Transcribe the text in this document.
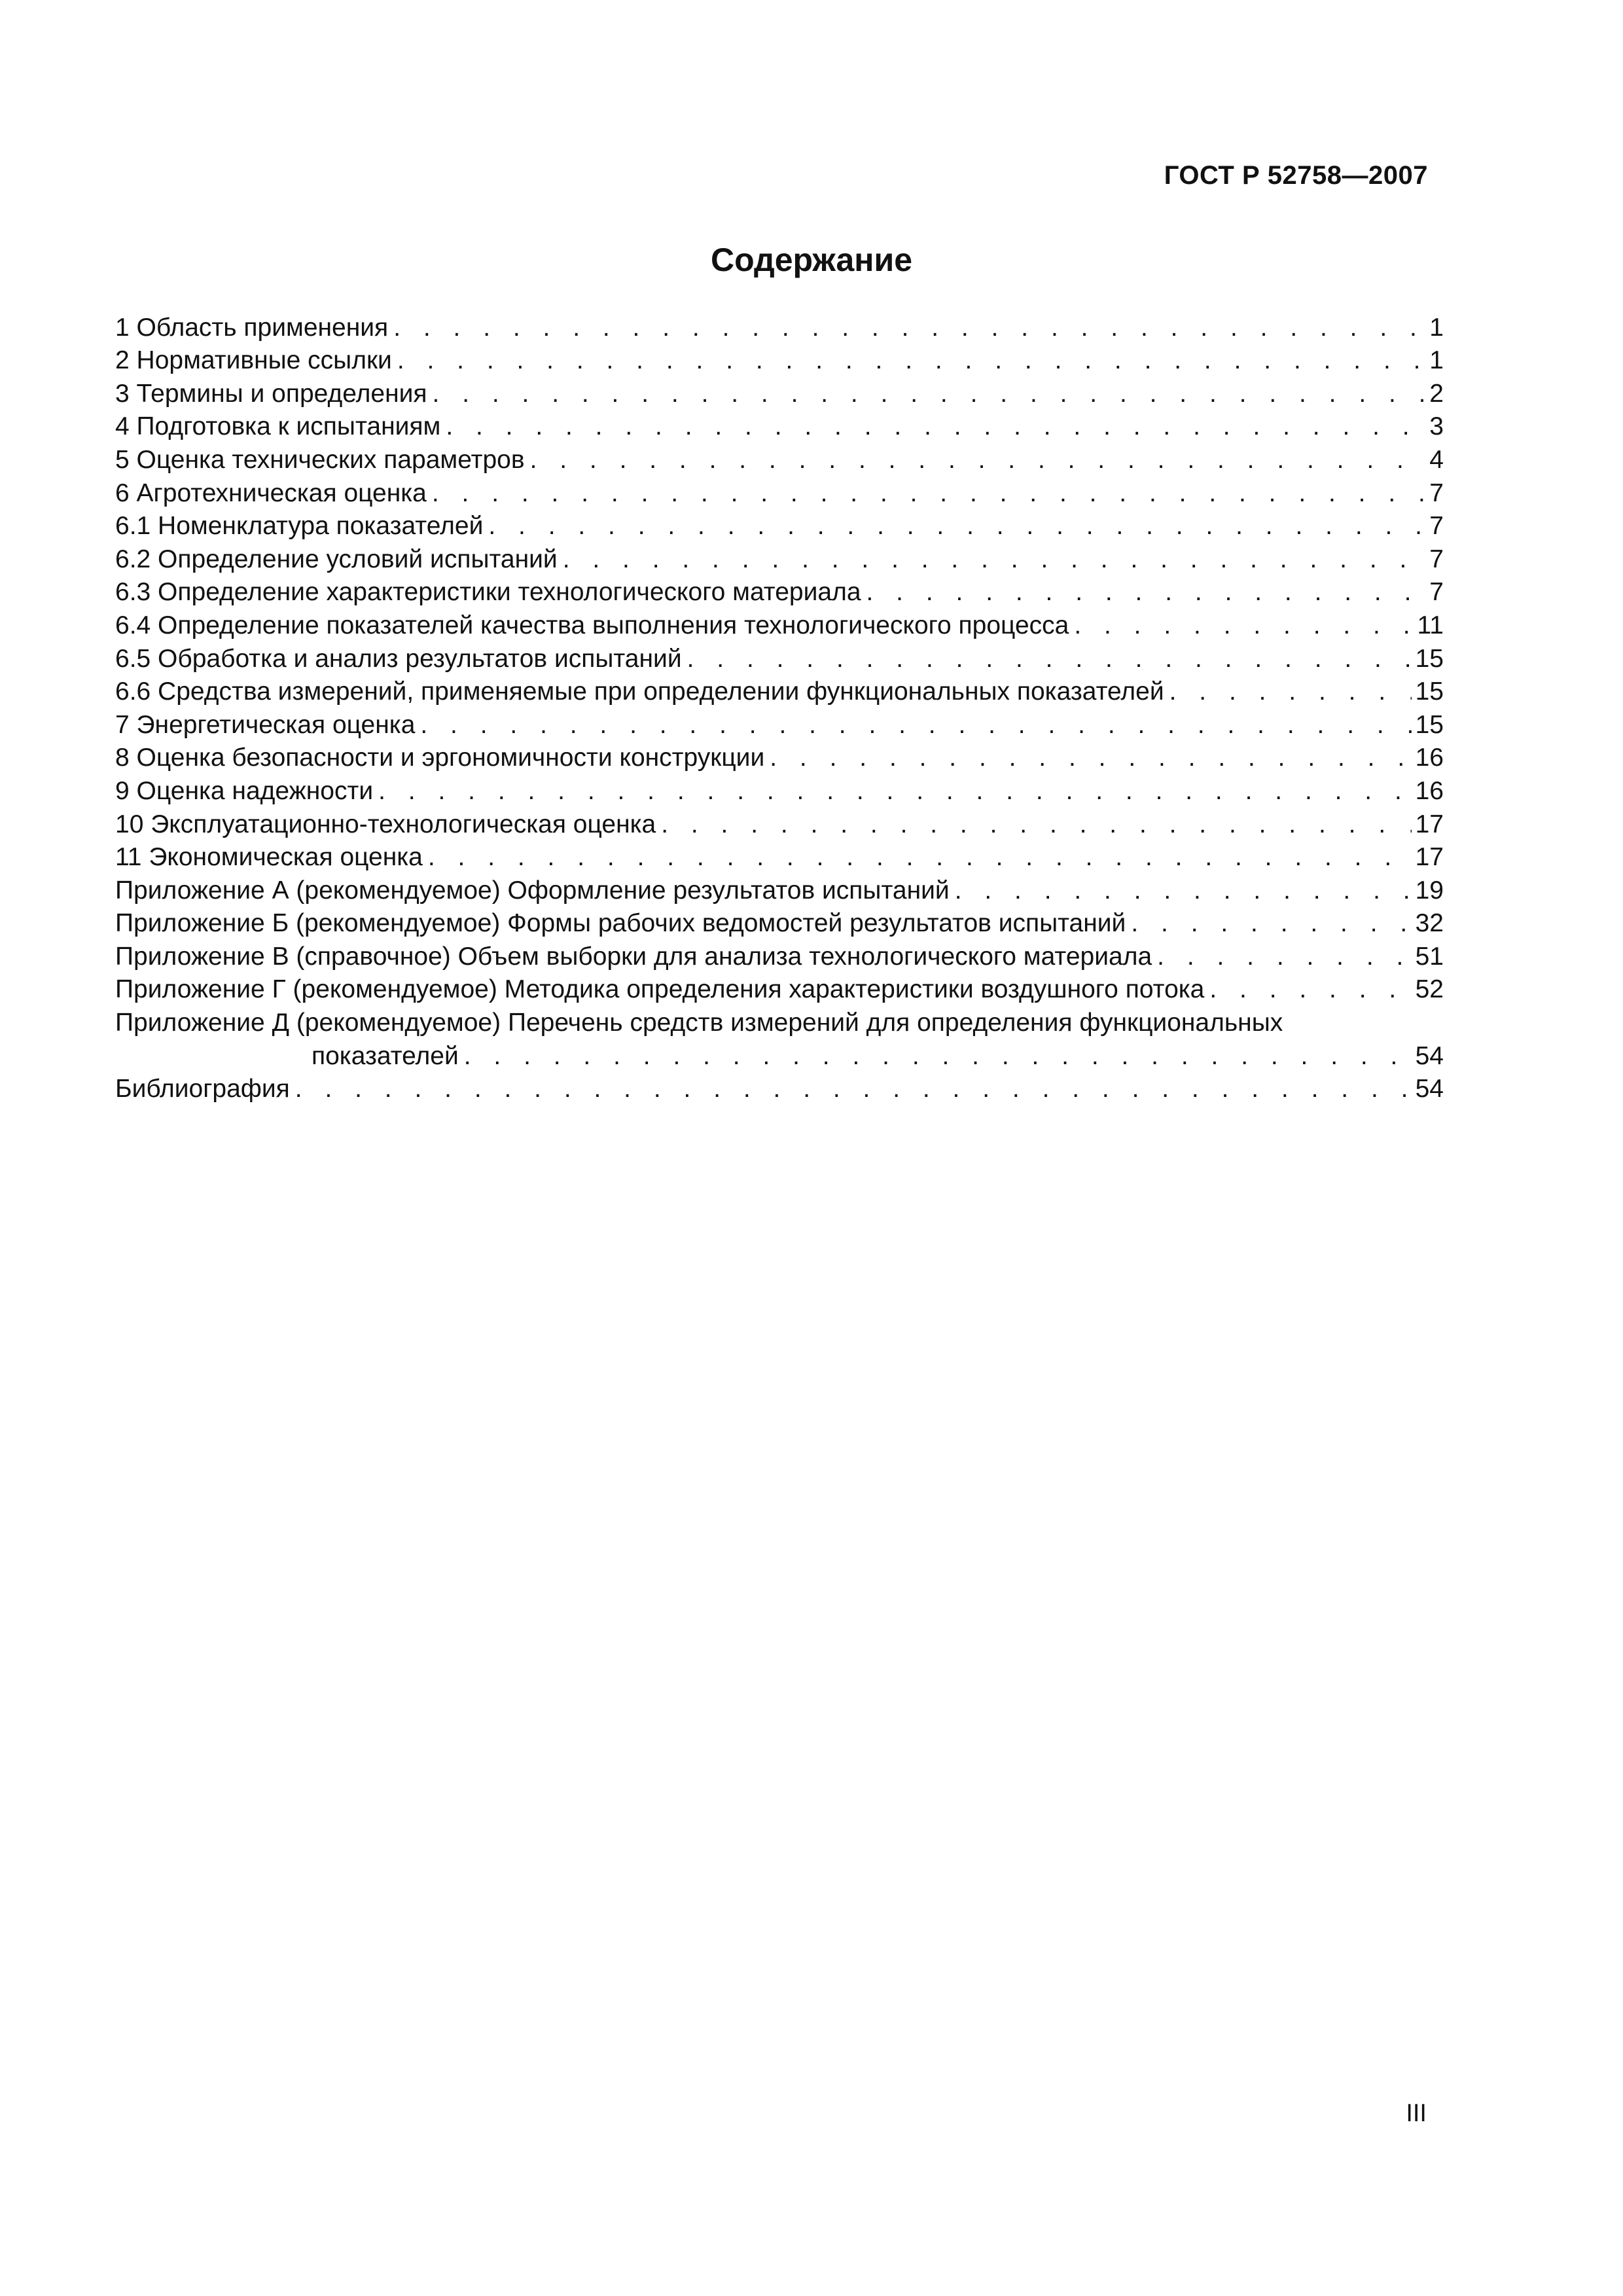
ГОСТ Р 52758—2007
Содержание
1 Область применения . . .	1
2 Нормативные ссылки . . .	1
3 Термины и определения . . .	2
4 Подготовка к испытаниям . . .	3
5 Оценка технических параметров . . .	4
6 Агротехническая оценка . . .	7
6.1 Номенклатура показателей . . .	7
6.2 Определение условий испытаний . . .	7
6.3 Определение характеристики технологического материала . . .	7
6.4 Определение показателей качества выполнения технологического процесса . . .	11
6.5 Обработка и анализ результатов испытаний . . .	15
6.6 Средства измерений, применяемые при определении функциональных показателей . . .	15
7 Энергетическая оценка . . .	15
8 Оценка безопасности и эргономичности конструкции . . .	16
9 Оценка надежности . . .	16
10 Эксплуатационно-технологическая оценка . . .	17
11 Экономическая оценка . . .	17
Приложение А (рекомендуемое) Оформление результатов испытаний . . .	19
Приложение Б (рекомендуемое) Формы рабочих ведомостей результатов испытаний . . .	32
Приложение В (справочное) Объем выборки для анализа технологического материала . . .	51
Приложение Г (рекомендуемое) Методика определения характеристики воздушного потока . . .	52
Приложение Д (рекомендуемое) Перечень средств измерений для определения функциональных
показателей . . .	54
Библиография . . .	54
III
